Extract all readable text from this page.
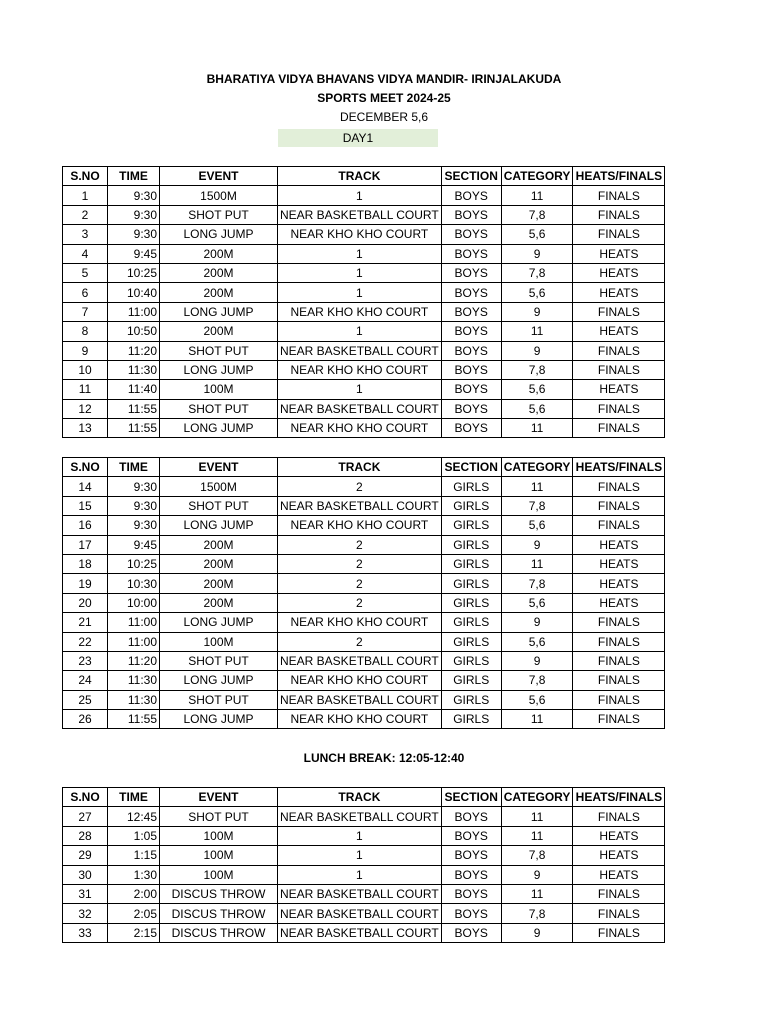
BHARATIYA VIDYA BHAVANS VIDYA MANDIR- IRINJALAKUDA
SPORTS MEET 2024-25
DECEMBER 5,6
DAY1
S.NO	TIME	EVENT	TRACK	SECTION	CATEGORY	HEATS/FINALS
1	9:30	1500M	1	BOYS	11	FINALS
2	9:30	SHOT PUT	NEAR BASKETBALL COURT	BOYS	7,8	FINALS
3	9:30	LONG JUMP	NEAR KHO KHO COURT	BOYS	5,6	FINALS
4	9:45	200M	1	BOYS	9	HEATS
5	10:25	200M	1	BOYS	7,8	HEATS
6	10:40	200M	1	BOYS	5,6	HEATS
7	11:00	LONG JUMP	NEAR KHO KHO COURT	BOYS	9	FINALS
8	10:50	200M	1	BOYS	11	HEATS
9	11:20	SHOT PUT	NEAR BASKETBALL COURT	BOYS	9	FINALS
10	11:30	LONG JUMP	NEAR KHO KHO COURT	BOYS	7,8	FINALS
11	11:40	100M	1	BOYS	5,6	HEATS
12	11:55	SHOT PUT	NEAR BASKETBALL COURT	BOYS	5,6	FINALS
13	11:55	LONG JUMP	NEAR KHO KHO COURT	BOYS	11	FINALS
S.NO	TIME	EVENT	TRACK	SECTION	CATEGORY	HEATS/FINALS
14	9:30	1500M	2	GIRLS	11	FINALS
15	9:30	SHOT PUT	NEAR BASKETBALL COURT	GIRLS	7,8	FINALS
16	9:30	LONG JUMP	NEAR KHO KHO COURT	GIRLS	5,6	FINALS
17	9:45	200M	2	GIRLS	9	HEATS
18	10:25	200M	2	GIRLS	11	HEATS
19	10:30	200M	2	GIRLS	7,8	HEATS
20	10:00	200M	2	GIRLS	5,6	HEATS
21	11:00	LONG JUMP	NEAR KHO KHO COURT	GIRLS	9	FINALS
22	11:00	100M	2	GIRLS	5,6	FINALS
23	11:20	SHOT PUT	NEAR BASKETBALL COURT	GIRLS	9	FINALS
24	11:30	LONG JUMP	NEAR KHO KHO COURT	GIRLS	7,8	FINALS
25	11:30	SHOT PUT	NEAR BASKETBALL COURT	GIRLS	5,6	FINALS
26	11:55	LONG JUMP	NEAR KHO KHO COURT	GIRLS	11	FINALS
LUNCH BREAK: 12:05-12:40
S.NO	TIME	EVENT	TRACK	SECTION	CATEGORY	HEATS/FINALS
27	12:45	SHOT PUT	NEAR BASKETBALL COURT	BOYS	11	FINALS
28	1:05	100M	1	BOYS	11	HEATS
29	1:15	100M	1	BOYS	7,8	HEATS
30	1:30	100M	1	BOYS	9	HEATS
31	2:00	DISCUS THROW	NEAR BASKETBALL COURT	BOYS	11	FINALS
32	2:05	DISCUS THROW	NEAR BASKETBALL COURT	BOYS	7,8	FINALS
33	2:15	DISCUS THROW	NEAR BASKETBALL COURT	BOYS	9	FINALS
